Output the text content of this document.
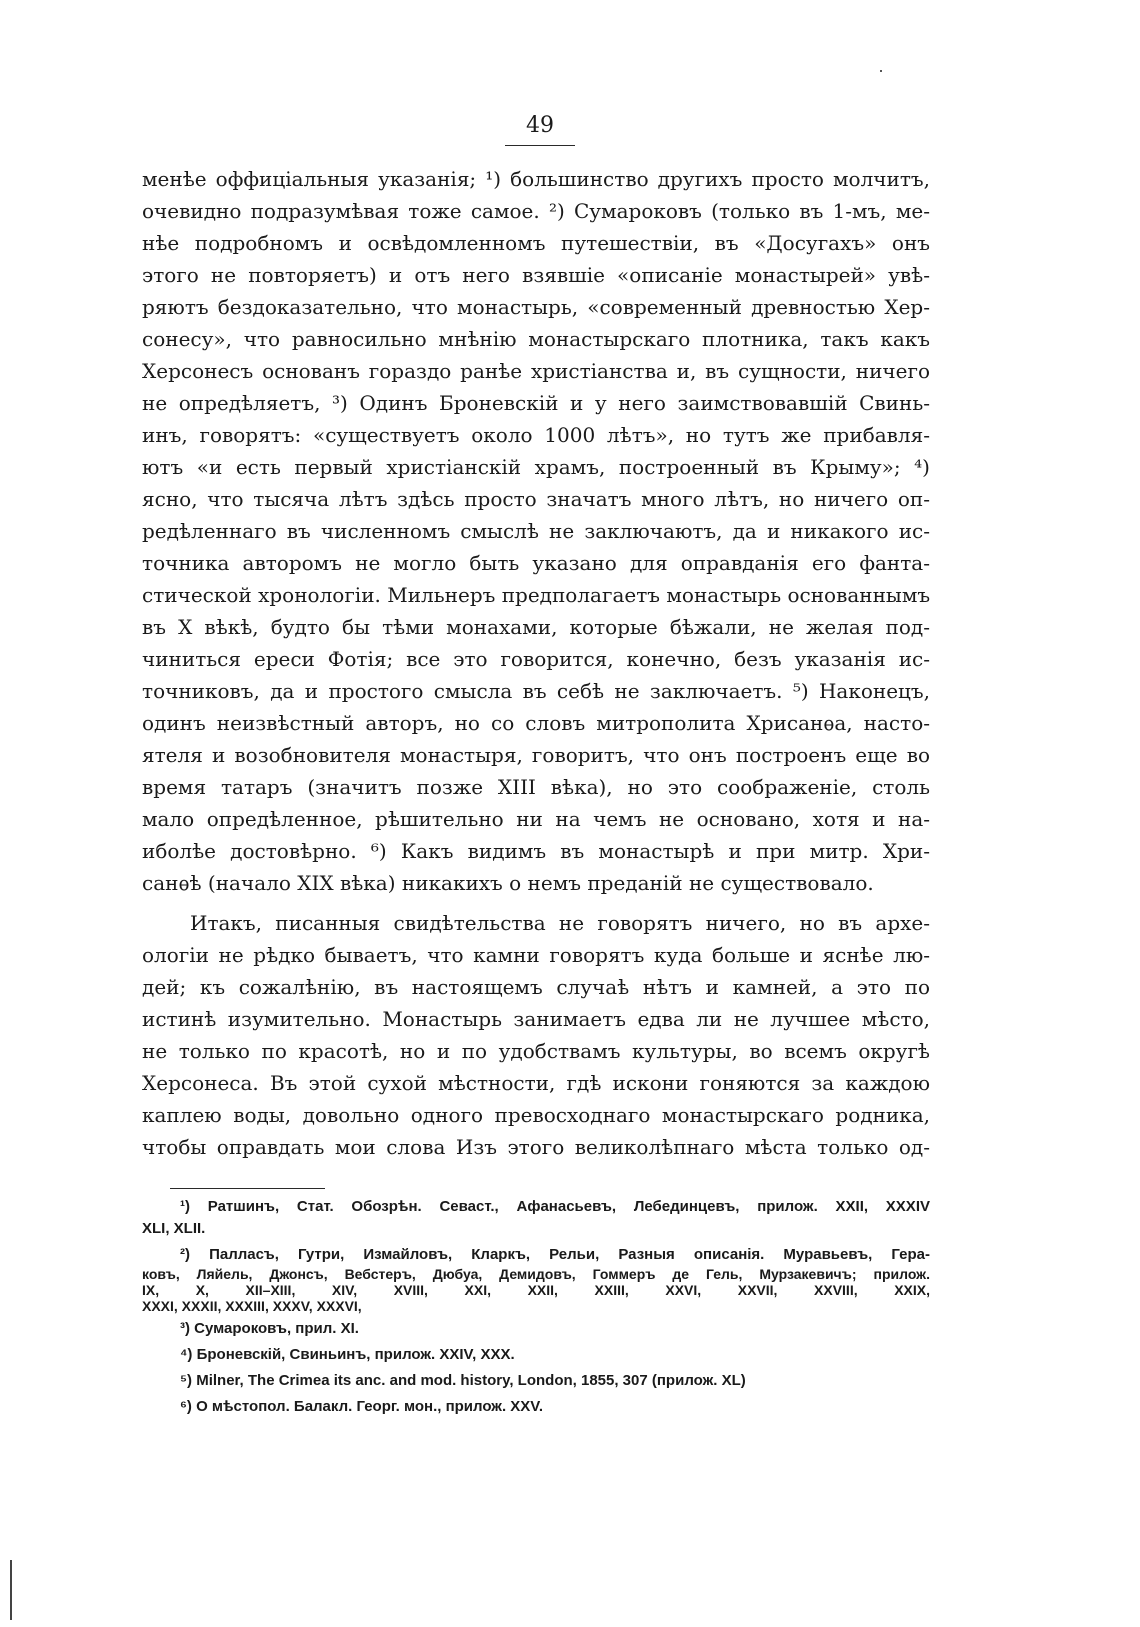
49
менѣе оффиціальныя указанія; ¹) большинство другихъ просто молчитъ,
очевидно подразумѣвая тоже самое. ²) Сумароковъ (только въ 1-мъ, ме-
нѣе подробномъ и освѣдомленномъ путешествіи, въ «Досугахъ» онъ
этого не повторяетъ) и отъ него взявшіе «описаніе монастырей» увѣ-
ряютъ бездоказательно, что монастырь, «современный древностью Хер-
сонесу», что равносильно мнѣнію монастырскаго плотника, такъ какъ
Херсонесъ основанъ гораздо ранѣе христіанства и, въ сущности, ничего
не опредѣляетъ, ³) Одинъ Броневскій и у него заимствовавшій Свинь-
инъ, говорятъ: «существуетъ около 1000 лѣтъ», но тутъ же прибавля-
ютъ «и есть первый христіанскій храмъ, построенный въ Крыму»; ⁴)
ясно, что тысяча лѣтъ здѣсь просто значатъ много лѣтъ, но ничего оп-
редѣленнаго въ численномъ смыслѣ не заключаютъ, да и никакого ис-
точника авторомъ не могло быть указано для оправданія его фанта-
стической хронологіи. Мильнеръ предполагаетъ монастырь основаннымъ
въ X вѣкѣ, будто бы тѣми монахами, которые бѣжали, не желая под-
чиниться ереси Фотія; все это говорится, конечно, безъ указанія ис-
точниковъ, да и простого смысла въ себѣ не заключаетъ. ⁵) Наконецъ,
одинъ неизвѣстный авторъ, но со словъ митрополита Хрисанѳа, насто-
ятеля и возобновителя монастыря, говоритъ, что онъ построенъ еще во
время татаръ (значитъ позже XIII вѣка), но это соображеніе, столь
мало опредѣленное, рѣшительно ни на чемъ не основано, хотя и на-
иболѣе достовѣрно. ⁶) Какъ видимъ въ монастырѣ и при митр. Хри-
санѳѣ (начало XIX вѣка) никакихъ о немъ преданій не существовало.
Итакъ, писанныя свидѣтельства не говорятъ ничего, но въ архе-
ологіи не рѣдко бываетъ, что камни говорятъ куда больше и яснѣе лю-
дей; къ сожалѣнію, въ настоящемъ случаѣ нѣтъ и камней, а это по
истинѣ изумительно. Монастырь занимаетъ едва ли не лучшее мѣсто,
не только по красотѣ, но и по удобствамъ культуры, во всемъ округѣ
Херсонеса. Въ этой сухой мѣстности, гдѣ искони гоняются за каждою
каплею воды, довольно одного превосходнаго монастырскаго родника,
чтобы оправдать мои слова Изъ этого великолѣпнаго мѣста только од-
¹) Ратшинъ, Стат. Обозрѣн. Севаст., Афанасьевъ, Лебединцевъ, прилож. XXII, XXXIV
XLI, XLII.
²) Палласъ, Гутри, Измайловъ, Кларкъ, Рельи, Разныя описанія. Муравьевъ, Гера-
ковъ, Ляйель, Джонсъ, Вебстеръ, Дюбуа, Демидовъ, Гоммеръ де Гель, Мурзакевичъ; прилож.
IX, X, XII–XIII, XIV, XVIII, XXI, XXII, XXIII, XXVI, XXVII, XXVIII, XXIX,
XXXI, XXXII, XXXIII, XXXV, XXXVI,
³) Сумароковъ, прил. XI.
⁴) Броневскій, Свиньинъ, прилож. XXIV, XXX.
⁵) Milner, The Crimea its anc. and mod. history, London, 1855, 307 (прилож. XL)
⁶) О мѣстопол. Балакл. Георг. мон., прилож. XXV.
